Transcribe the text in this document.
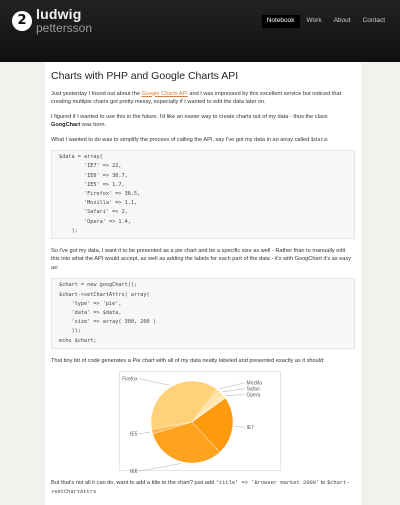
2 ludwig
pettersson
Notebook	Work	About	Contact
Charts with PHP and Google Charts API

Just yesterday I found out about the Google Charts API and I was impressed by this excellent service but noticed that creating multiple charts got pretty messy, especially if I wanted to edit the data later on.

I figured if I wanted to use this in the future, I'd like an easier way to create charts out of my data - thus the class GoogChart was born.

What I wanted to do was to simplify the process of calling the API, say I've got my data in an array called $data:

$data = array(
'IE7' => 22,
'IE6' => 30.7,
'IE5' => 1.7,
'Firefox' => 36.5,
'Mozilla' => 1.1,
'Safari' => 2,
'Opera' => 1.4,
);

So I've got my data, I want it to be presented as a pie chart and be a specific size as well - Rather than to manually edit this into what the API would accept, as well as adding the labels for each part of the data - it's with GoogChart it's as easy as:

$chart = new googChart();
$chart->setChartAttrs( array(
'type' => 'pie',
'data' => $data,
'size' => array( 300, 200 )
));
echo $chart;

That tiny bit of code generates a Pie chart with all of my data neatly labeled and presented exactly as it should:

IE7
IE6
IE5
Firefox
Mozilla
Safari
Opera

But that's not all it can do, want to add a title to the chart? just add 'title' => 'Browser market 2008' to $chart->setChartAttrs
